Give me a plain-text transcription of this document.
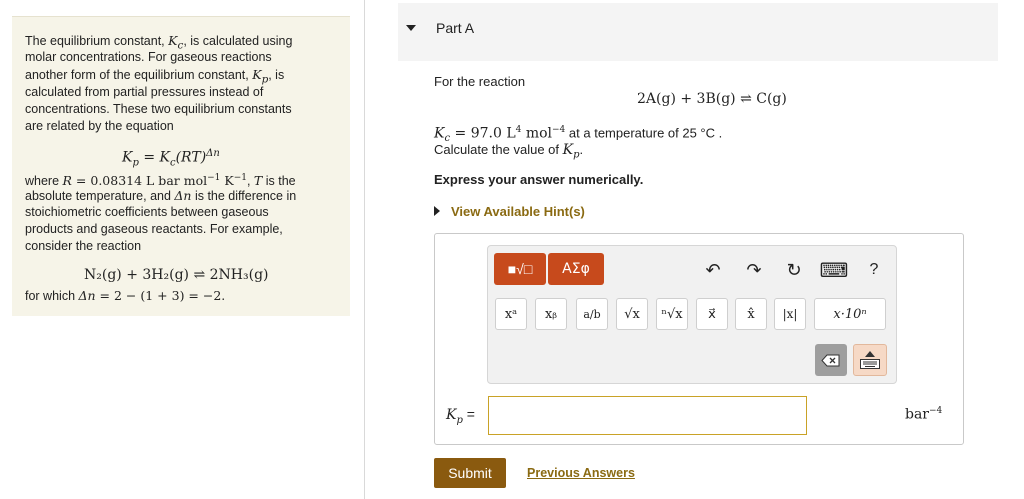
The equilibrium constant, $K_c$, is calculated using
molar concentrations. For gaseous reactions
another form of the equilibrium constant, $K_p$, is
calculated from partial pressures instead of
concentrations. These two equilibrium constants
are related by the equation
$K_p = K_c(RT)^{\Delta n}$
where R = 0.08314 L bar mol$^{-1}$ $K^{-1}$, T is the
absolute temperature, and Δn is the difference in
stoichiometric coefficients between gaseous
products and gaseous reactants. For example,
consider the reaction
N₂(g) + 3H₂(g) ⇌ 2NH₃(g)
for which Δn = 2 − (1 + 3) = −2.
Part A
For the reaction
2A(g) + 3B(g) ⇌ C(g)
$K_c = 97.0$ $L^4$ mol$^{-4}$ at a temperature of 25 °C .
Calculate the value of $K_p$.
Express your answer numerically.
View Available Hint(s)
■√□	ΑΣφ	↶ ↷ ↻ ⌨	?
xᵃ	xᵦ	a/b	√x	ⁿ√x	x⃗	x̂	|x|	x·10ⁿ
$K_p$ =	bar$^{-4}$
Submit	Previous Answers
